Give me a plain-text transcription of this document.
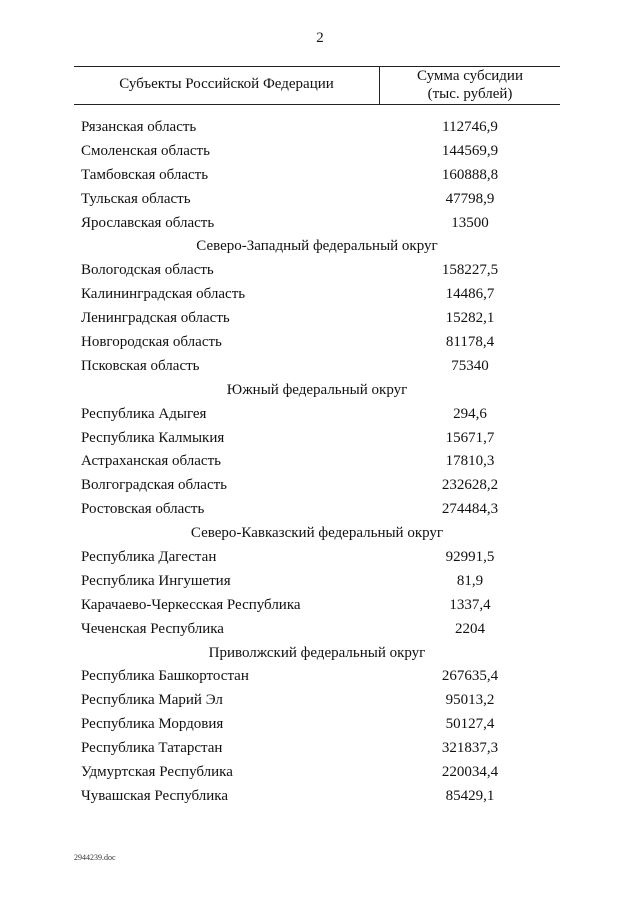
2
Субъекты Российской Федерации	Сумма субсидии
(тыс. рублей)
Рязанская область	112746,9
Смоленская область	144569,9
Тамбовская область	160888,8
Тульская область	47798,9
Ярославская область	13500
Северо-Западный федеральный округ
Вологодская область	158227,5
Калининградская область	14486,7
Ленинградская область	15282,1
Новгородская область	81178,4
Псковская область	75340
Южный федеральный округ
Республика Адыгея	294,6
Республика Калмыкия	15671,7
Астраханская область	17810,3
Волгоградская область	232628,2
Ростовская область	274484,3
Северо-Кавказский федеральный округ
Республика Дагестан	92991,5
Республика Ингушетия	81,9
Карачаево-Черкесская Республика	1337,4
Чеченская Республика	2204
Приволжский федеральный округ
Республика Башкортостан	267635,4
Республика Марий Эл	95013,2
Республика Мордовия	50127,4
Республика Татарстан	321837,3
Удмуртская Республика	220034,4
Чувашская Республика	85429,1
2944239.doc
